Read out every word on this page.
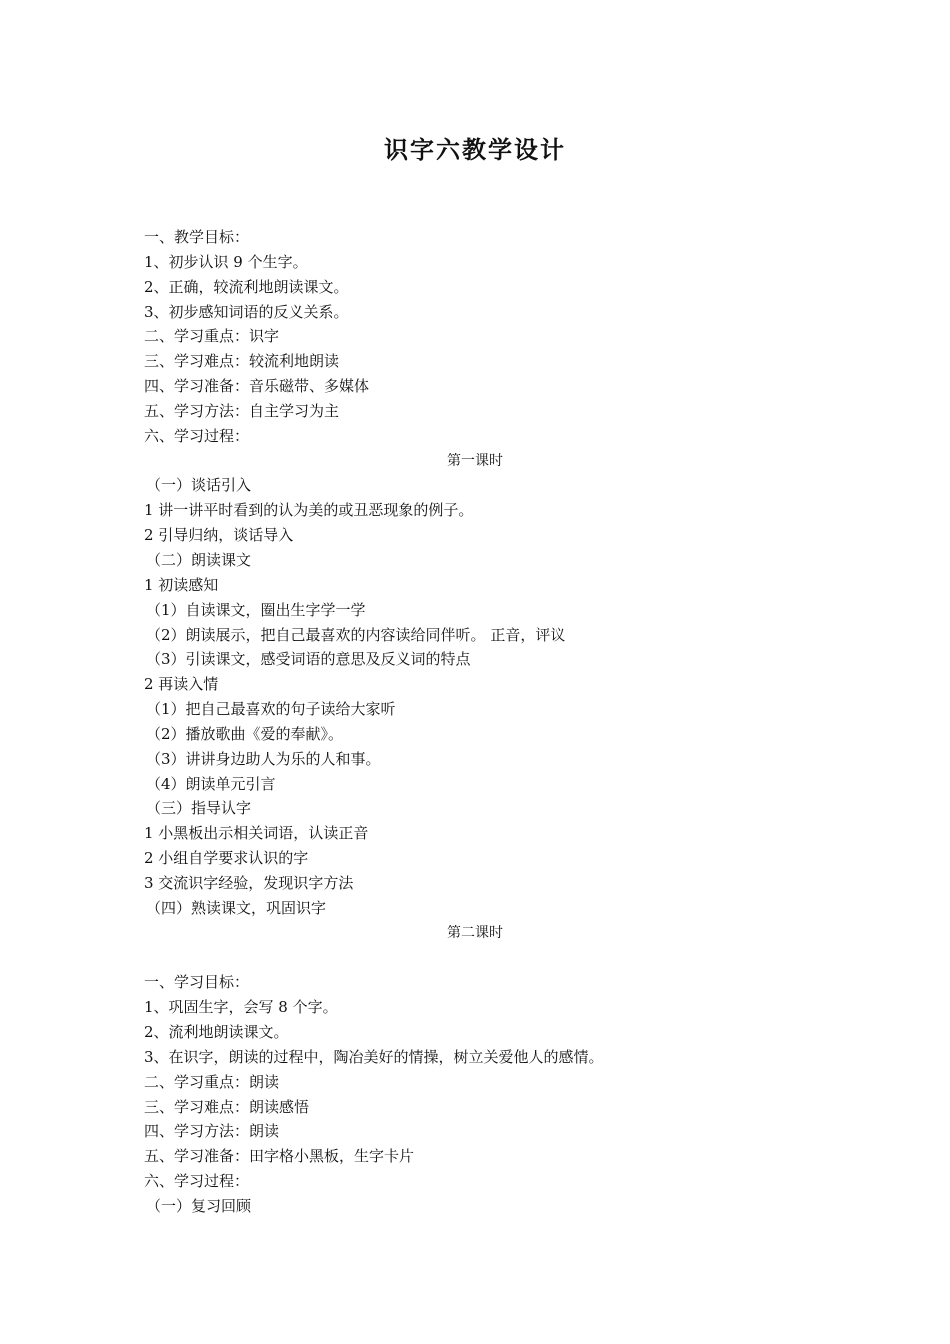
识字六教学设计
一、教学目标：
1、初步认识 9 个生字。
2、正确，较流利地朗读课文。
3、初步感知词语的反义关系。
二、学习重点：识字
三、学习难点：较流利地朗读
四、学习准备：音乐磁带、多媒体
五、学习方法：自主学习为主
六、学习过程：
第一课时
（一）谈话引入
1 讲一讲平时看到的认为美的或丑恶现象的例子。
2 引导归纳，谈话导入
（二）朗读课文
1 初读感知
（1）自读课文，圈出生字学一学
（2）朗读展示，把自己最喜欢的内容读给同伴听。 正音，评议
（3）引读课文，感受词语的意思及反义词的特点
2 再读入情
（1）把自己最喜欢的句子读给大家听
（2）播放歌曲《爱的奉献》。
（3）讲讲身边助人为乐的人和事。
（4）朗读单元引言
（三）指导认字
1 小黑板出示相关词语，认读正音
2 小组自学要求认识的字
3 交流识字经验，发现识字方法
（四）熟读课文，巩固识字
第二课时
一、学习目标：
1、巩固生字，会写 8 个字。
2、流利地朗读课文。
3、在识字，朗读的过程中，陶冶美好的情操，树立关爱他人的感情。
二、学习重点：朗读
三、学习难点：朗读感悟
四、学习方法：朗读
五、学习准备：田字格小黑板，生字卡片
六、学习过程：
（一）复习回顾
